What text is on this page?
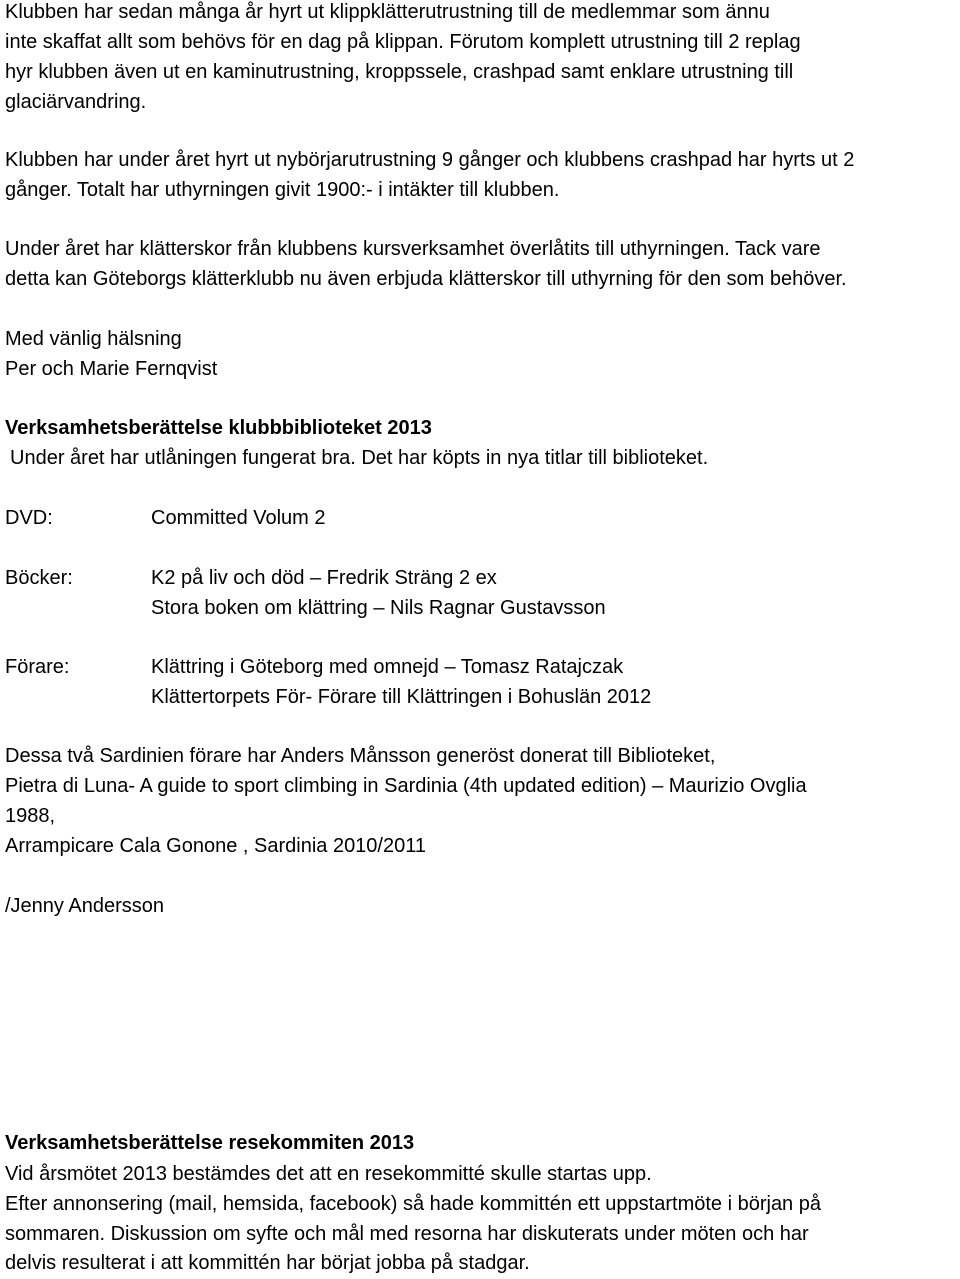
Klubben har sedan många år hyrt ut klippklätterutrustning till de medlemmar som ännu
inte skaffat allt som behövs för en dag på klippan. Förutom komplett utrustning till 2 replag
hyr klubben även ut en kaminutrustning, kroppssele, crashpad samt enklare utrustning till
glaciärvandring.
Klubben har under året hyrt ut nybörjarutrustning 9 gånger och klubbens crashpad har hyrts ut 2
gånger. Totalt har uthyrningen givit 1900:- i intäkter till klubben.
Under året har klätterskor från klubbens kursverksamhet överlåtits till uthyrningen. Tack vare
detta kan Göteborgs klätterklubb nu även erbjuda klätterskor till uthyrning för den som behöver.
Med vänlig hälsning
Per och Marie Fernqvist
Verksamhetsberättelse klubbbiblioteket 2013
Under året har utlåningen fungerat bra. Det har köpts in nya titlar till biblioteket.
DVD:	Committed Volum 2
Böcker:	K2 på liv och död – Fredrik Sträng 2 ex
Stora boken om klättring – Nils Ragnar Gustavsson
Förare:	Klättring i Göteborg med omnejd – Tomasz Ratajczak
Klättertorpets För- Förare till Klättringen i Bohuslän 2012
Dessa två Sardinien förare har Anders Månsson generöst donerat till Biblioteket,
Pietra di Luna- A guide to sport climbing in Sardinia (4th updated edition) – Maurizio Ovglia
1988,
Arrampicare Cala Gonone , Sardinia 2010/2011
/Jenny Andersson
Verksamhetsberättelse resekommiten 2013
Vid årsmötet 2013 bestämdes det att en resekommitté skulle startas upp.
Efter annonsering (mail, hemsida, facebook) så hade kommittén ett uppstartmöte i början på
sommaren. Diskussion om syfte och mål med resorna har diskuterats under möten och har
delvis resulterat i att kommittén har börjat jobba på stadgar.
